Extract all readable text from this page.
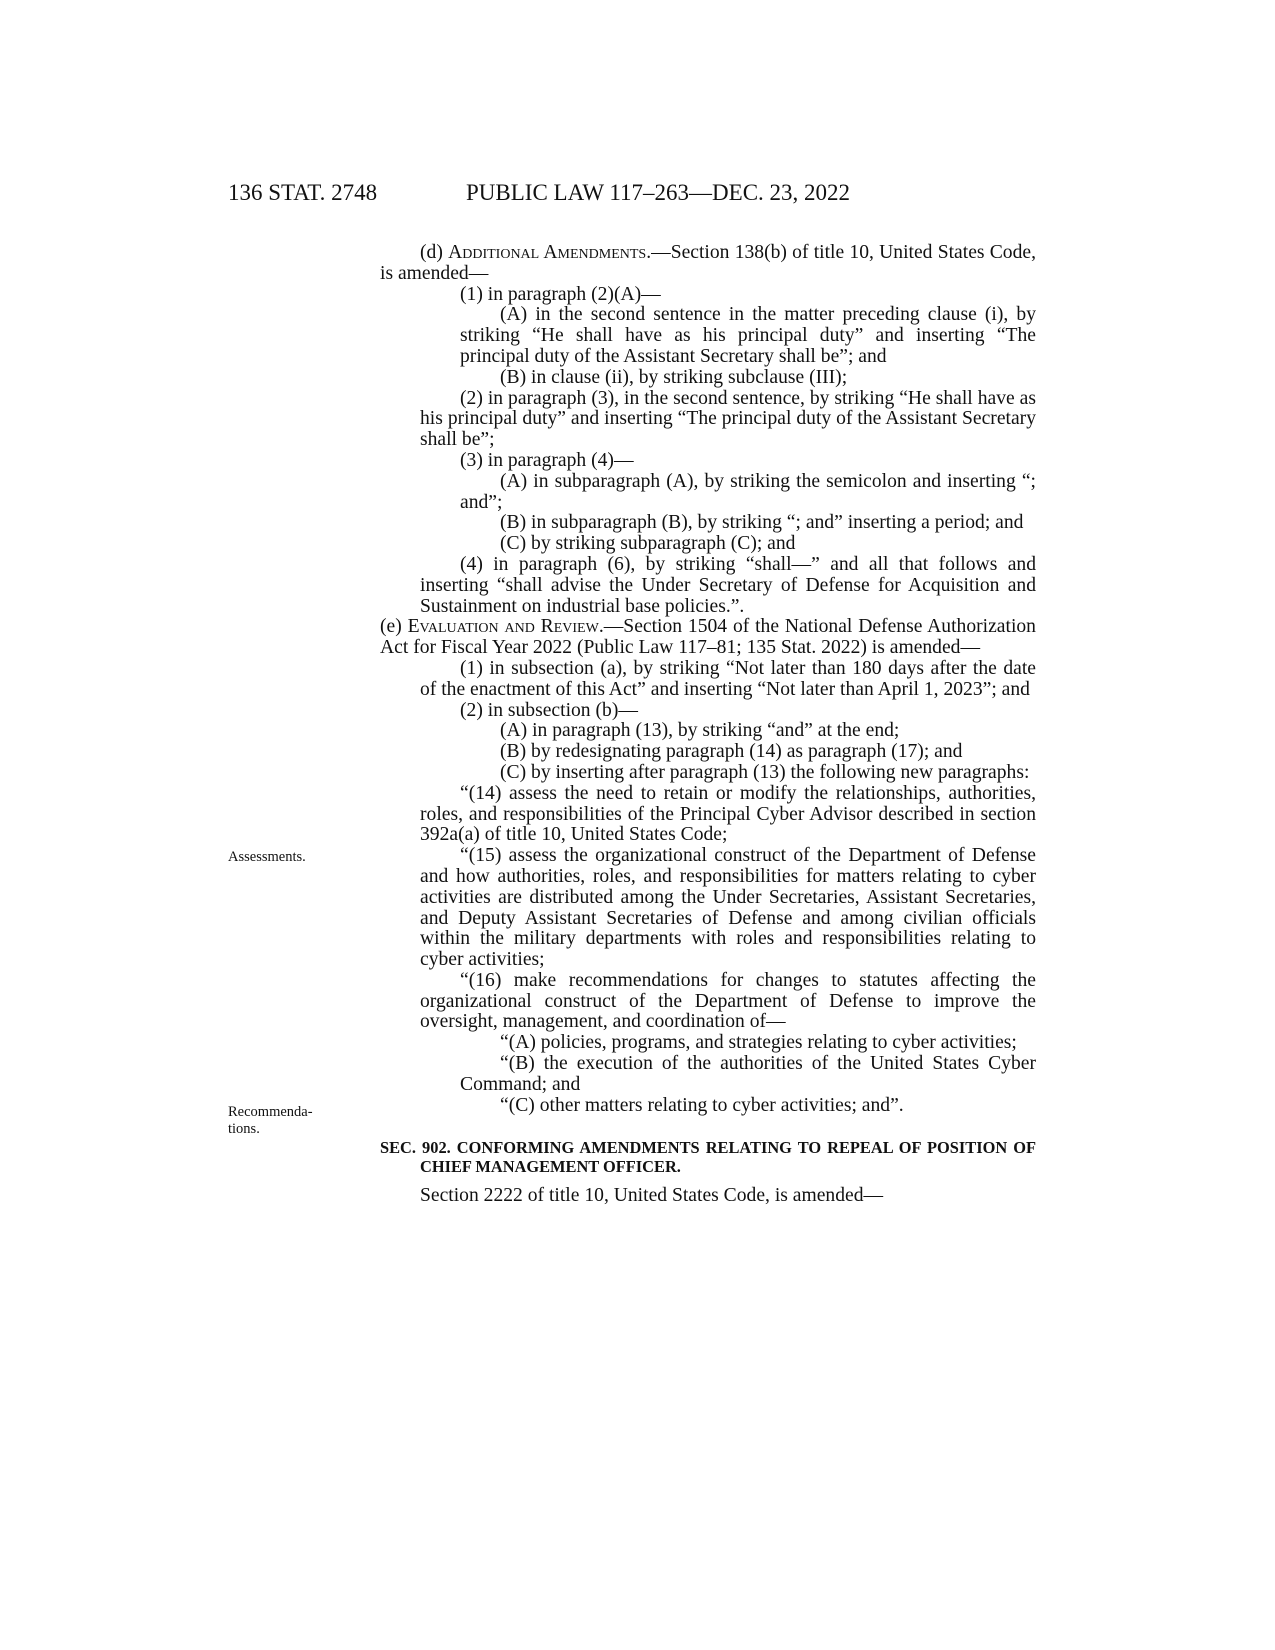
136 STAT. 2748	PUBLIC LAW 117–263—DEC. 23, 2022
Assessments.
Recommenda-
tions.

(d) Additional Amendments.—Section 138(b) of title 10, United States Code, is amended—

(1) in paragraph (2)(A)—

(A) in the second sentence in the matter preceding clause (i), by striking “He shall have as his principal duty” and inserting “The principal duty of the Assistant Secretary shall be”; and

(B) in clause (ii), by striking subclause (III);

(2) in paragraph (3), in the second sentence, by striking “He shall have as his principal duty” and inserting “The principal duty of the Assistant Secretary shall be”;

(3) in paragraph (4)—

(A) in subparagraph (A), by striking the semicolon and inserting “; and”;

(B) in subparagraph (B), by striking “; and” inserting a period; and

(C) by striking subparagraph (C); and

(4) in paragraph (6), by striking “shall—” and all that follows and inserting “shall advise the Under Secretary of Defense for Acquisition and Sustainment on industrial base policies.”.

(e) Evaluation and Review.—Section 1504 of the National Defense Authorization Act for Fiscal Year 2022 (Public Law 117–81; 135 Stat. 2022) is amended—

(1) in subsection (a), by striking “Not later than 180 days after the date of the enactment of this Act” and inserting “Not later than April 1, 2023”; and

(2) in subsection (b)—

(A) in paragraph (13), by striking “and” at the end;

(B) by redesignating paragraph (14) as paragraph (17); and

(C) by inserting after paragraph (13) the following new paragraphs:

“(14) assess the need to retain or modify the relationships, authorities, roles, and responsibilities of the Principal Cyber Advisor described in section 392a(a) of title 10, United States Code;

“(15) assess the organizational construct of the Department of Defense and how authorities, roles, and responsibilities for matters relating to cyber activities are distributed among the Under Secretaries, Assistant Secretaries, and Deputy Assistant Secretaries of Defense and among civilian officials within the military departments with roles and responsibilities relating to cyber activities;

“(16) make recommendations for changes to statutes affecting the organizational construct of the Department of Defense to improve the oversight, management, and coordination of—

“(A) policies, programs, and strategies relating to cyber activities;

“(B) the execution of the authorities of the United States Cyber Command; and

“(C) other matters relating to cyber activities; and”.

SEC. 902. CONFORMING AMENDMENTS RELATING TO REPEAL OF POSITION OF CHIEF MANAGEMENT OFFICER.

Section 2222 of title 10, United States Code, is amended—
